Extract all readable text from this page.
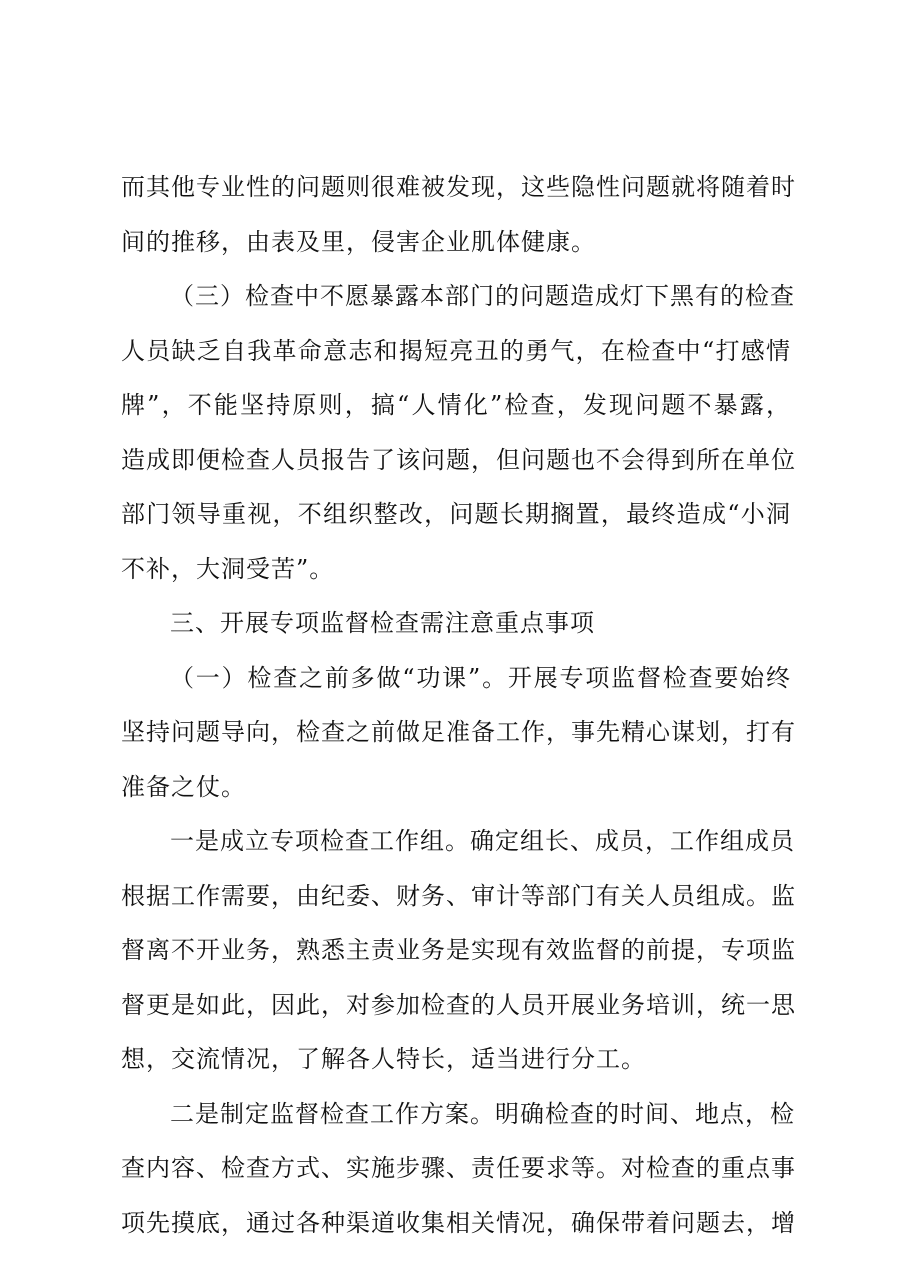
而其他专业性的问题则很难被发现，这些隐性问题就将随着时
间的推移，由表及里，侵害企业肌体健康。
（三）检查中不愿暴露本部门的问题造成灯下黑有的检查
人员缺乏自我革命意志和揭短亮丑的勇气，在检查中“打感情
牌”，不能坚持原则，搞“人情化”检查，发现问题不暴露，
造成即便检查人员报告了该问题，但问题也不会得到所在单位
部门领导重视，不组织整改，问题长期搁置，最终造成“小洞
不补，大洞受苦”。
三、开展专项监督检查需注意重点事项
（一）检查之前多做“功课”。开展专项监督检查要始终
坚持问题导向，检查之前做足准备工作，事先精心谋划，打有
准备之仗。
一是成立专项检查工作组。确定组长、成员，工作组成员
根据工作需要，由纪委、财务、审计等部门有关人员组成。监
督离不开业务，熟悉主责业务是实现有效监督的前提，专项监
督更是如此，因此，对参加检查的人员开展业务培训，统一思
想，交流情况，了解各人特长，适当进行分工。
二是制定监督检查工作方案。明确检查的时间、地点，检
查内容、检查方式、实施步骤、责任要求等。对检查的重点事
项先摸底，通过各种渠道收集相关情况，确保带着问题去，增
